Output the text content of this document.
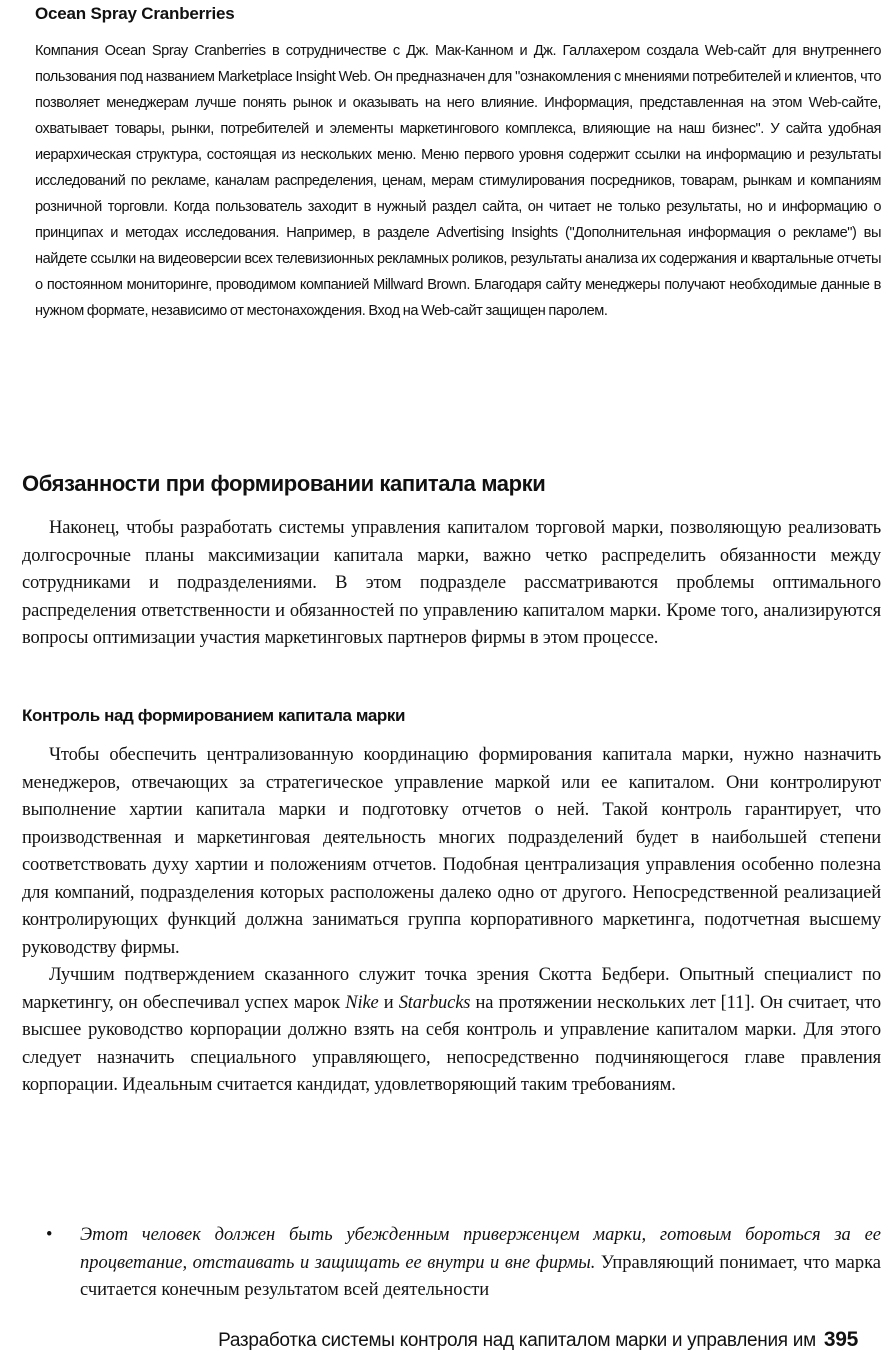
Ocean Spray Cranberries
Компания Ocean Spray Cranberries в сотрудничестве с Дж. Мак-Канном и Дж. Галлахером создала Web-сайт для внутреннего пользования под названием Marketplace Insight Web. Он предназначен для "ознакомления с мнениями потребителей и клиентов, что позволяет менеджерам лучше понять рынок и оказывать на него влияние. Информация, представленная на этом Web-сайте, охватывает товары, рынки, потребителей и элементы маркетингового комплекса, влияющие на наш бизнес". У сайта удобная иерархическая структура, состоящая из нескольких меню. Меню первого уровня содержит ссылки на информацию и результаты исследований по рекламе, каналам распределения, ценам, мерам стимулирования посредников, товарам, рынкам и компаниям розничной торговли. Когда пользователь заходит в нужный раздел сайта, он читает не только результаты, но и информацию о принципах и методах исследования. Например, в разделе Advertising Insights ("Дополнительная информация о рекламе") вы найдете ссылки на видеоверсии всех телевизионных рекламных роликов, результаты анализа их содержания и квартальные отчеты о постоянном мониторинге, проводимом компанией Millward Brown. Благодаря сайту менеджеры получают необходимые данные в нужном формате, независимо от местонахождения. Вход на Web-сайт защищен паролем.
Обязанности при формировании капитала марки

Наконец, чтобы разработать системы управления капиталом торговой марки, позволяющую реализовать долгосрочные планы максимизации капитала марки, важно четко распределить обязанности между сотрудниками и подразделениями. В этом подразделе рассматриваются проблемы оптимального распределения ответственности и обязанностей по управлению капиталом марки. Кроме того, анализируются вопросы оптимизации участия маркетинговых партнеров фирмы в этом процессе.

Контроль над формированием капитала марки

Чтобы обеспечить централизованную координацию формирования капитала марки, нужно назначить менеджеров, отвечающих за стратегическое управление маркой или ее капиталом. Они контролируют выполнение хартии капитала марки и подготовку отчетов о ней. Такой контроль гарантирует, что производственная и маркетинговая деятельность многих подразделений будет в наибольшей степени соответствовать духу хартии и положениям отчетов. Подобная централизация управления особенно полезна для компаний, подразделения которых расположены далеко одно от другого. Непосредственной реализацией контролирующих функций должна заниматься группа корпоративного маркетинга, подотчетная высшему руководству фирмы.

Лучшим подтверждением сказанного служит точка зрения Скотта Бедбери. Опытный специалист по маркетингу, он обеспечивал успех марок Nike и Starbucks на протяжении нескольких лет [11]. Он считает, что высшее руководство корпорации должно взять на себя контроль и управление капиталом марки. Для этого следует назначить специального управляющего, непосредственно подчиняющегося главе правления корпорации. Идеальным считается кандидат, удовлетворяющий таким требованиям.

• Этот человек должен быть убежденным приверженцем марки, готовым бороться за ее процветание, отстаивать и защищать ее внутри и вне фирмы. Управляющий понимает, что марка считается конечным результатом всей деятельности
Разработка системы контроля над капиталом марки и управления им 395
